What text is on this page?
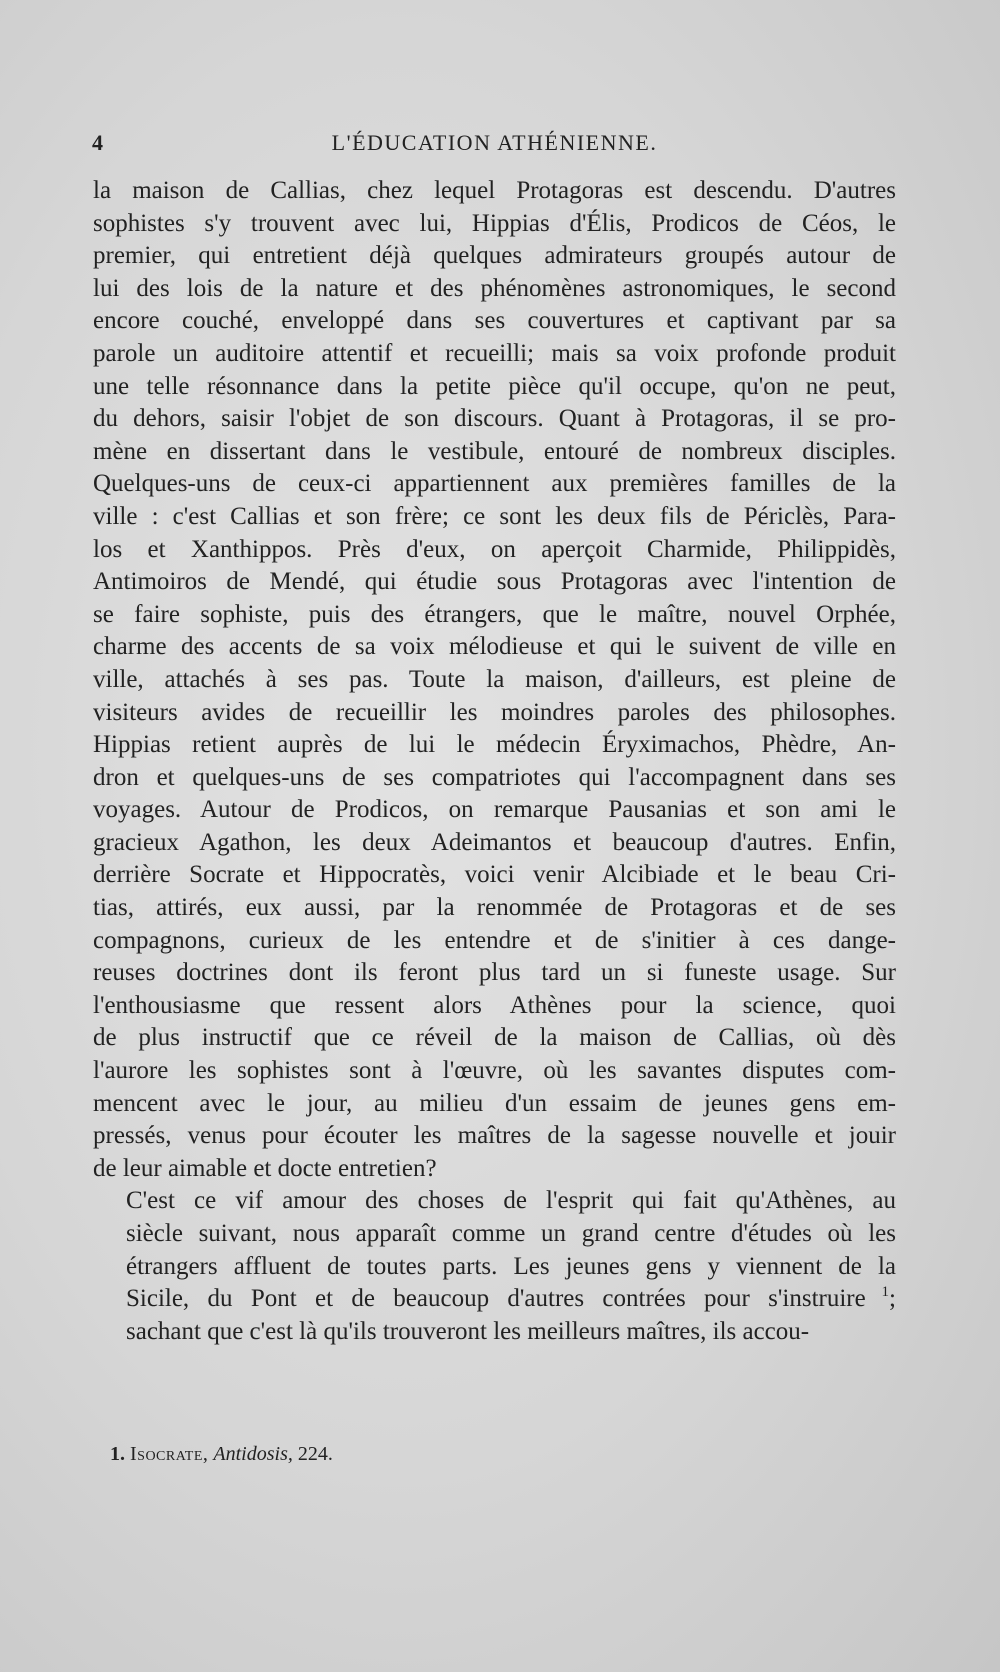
4	L'ÉDUCATION ATHÉNIENNE.
la maison de Callias, chez lequel Protagoras est descendu. D'autres
sophistes s'y trouvent avec lui, Hippias d'Élis, Prodicos de Céos, le
premier, qui entretient déjà quelques admirateurs groupés autour de
lui des lois de la nature et des phénomènes astronomiques, le second
encore couché, enveloppé dans ses couvertures et captivant par sa
parole un auditoire attentif et recueilli; mais sa voix profonde produit
une telle résonnance dans la petite pièce qu'il occupe, qu'on ne peut,
du dehors, saisir l'objet de son discours. Quant à Protagoras, il se pro-
mène en dissertant dans le vestibule, entouré de nombreux disciples.
Quelques-uns de ceux-ci appartiennent aux premières familles de la
ville : c'est Callias et son frère; ce sont les deux fils de Périclès, Para-
los et Xanthippos. Près d'eux, on aperçoit Charmide, Philippidès,
Antimoiros de Mendé, qui étudie sous Protagoras avec l'intention de
se faire sophiste, puis des étrangers, que le maître, nouvel Orphée,
charme des accents de sa voix mélodieuse et qui le suivent de ville en
ville, attachés à ses pas. Toute la maison, d'ailleurs, est pleine de
visiteurs avides de recueillir les moindres paroles des philosophes.
Hippias retient auprès de lui le médecin Éryximachos, Phèdre, An-
dron et quelques-uns de ses compatriotes qui l'accompagnent dans ses
voyages. Autour de Prodicos, on remarque Pausanias et son ami le
gracieux Agathon, les deux Adeimantos et beaucoup d'autres. Enfin,
derrière Socrate et Hippocratès, voici venir Alcibiade et le beau Cri-
tias, attirés, eux aussi, par la renommée de Protagoras et de ses
compagnons, curieux de les entendre et de s'initier à ces dange-
reuses doctrines dont ils feront plus tard un si funeste usage. Sur
l'enthousiasme que ressent alors Athènes pour la science, quoi
de plus instructif que ce réveil de la maison de Callias, où dès
l'aurore les sophistes sont à l'œuvre, où les savantes disputes com-
mencent avec le jour, au milieu d'un essaim de jeunes gens em-
pressés, venus pour écouter les maîtres de la sagesse nouvelle et jouir
de leur aimable et docte entretien?
C'est ce vif amour des choses de l'esprit qui fait qu'Athènes, au
siècle suivant, nous apparaît comme un grand centre d'études où les
étrangers affluent de toutes parts. Les jeunes gens y viennent de la
Sicile, du Pont et de beaucoup d'autres contrées pour s'instruire $^1$;
sachant que c'est là qu'ils trouveront les meilleurs maîtres, ils accou-
1. Isocrate, Antidosis, 224.
